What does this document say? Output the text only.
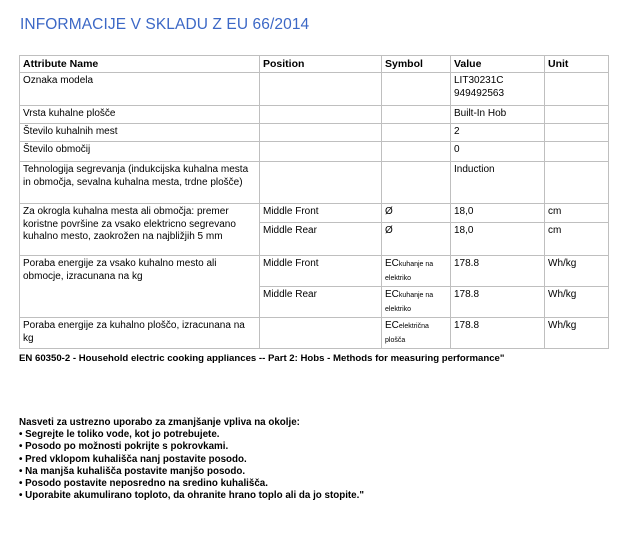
INFORMACIJE V SKLADU Z EU 66/2014
Attribute Name	Position	Symbol	Value	Unit
Oznaka modela			LIT30231C
949492563	

Vrsta kuhalne plošče			Built-In Hob	
Število kuhalnih mest			2	
Število območij			0	
Tehnologija segrevanja (indukcijska kuhalna mesta in območja, sevalna kuhalna mesta, trdne plošče)			Induction	
Za okrogla kuhalna mesta ali območja: premer koristne površine za vsako elektricno segrevano kuhalno mesto, zaokrožen na najbližjih 5 mm	Middle Front	Ø	18,0	cm
	Middle Rear	Ø	18,0	cm
Poraba energije za vsako kuhalno mesto ali obmocje, izracunana na kg	Middle Front	ECkuhanje na elektriko	178.8	Wh/kg
	Middle Rear	ECkuhanje na elektriko	178.8	Wh/kg
Poraba energije za kuhalno ploščo, izracunana na kg		ECelektrična plošča	178.8	Wh/kg
EN 60350-2 - Household electric cooking appliances -- Part 2: Hobs - Methods for measuring performance"
Nasveti za ustrezno uporabo za zmanjšanje vpliva na okolje:
• Segrejte le toliko vode, kot jo potrebujete.
• Posodo po možnosti pokrijte s pokrovkami.
• Pred vklopom kuhališča nanj postavite posodo.
• Na manjša kuhališča postavite manjšo posodo.
• Posodo postavite neposredno na sredino kuhališča.
• Uporabite akumulirano toploto, da ohranite hrano toplo ali da jo stopite."
